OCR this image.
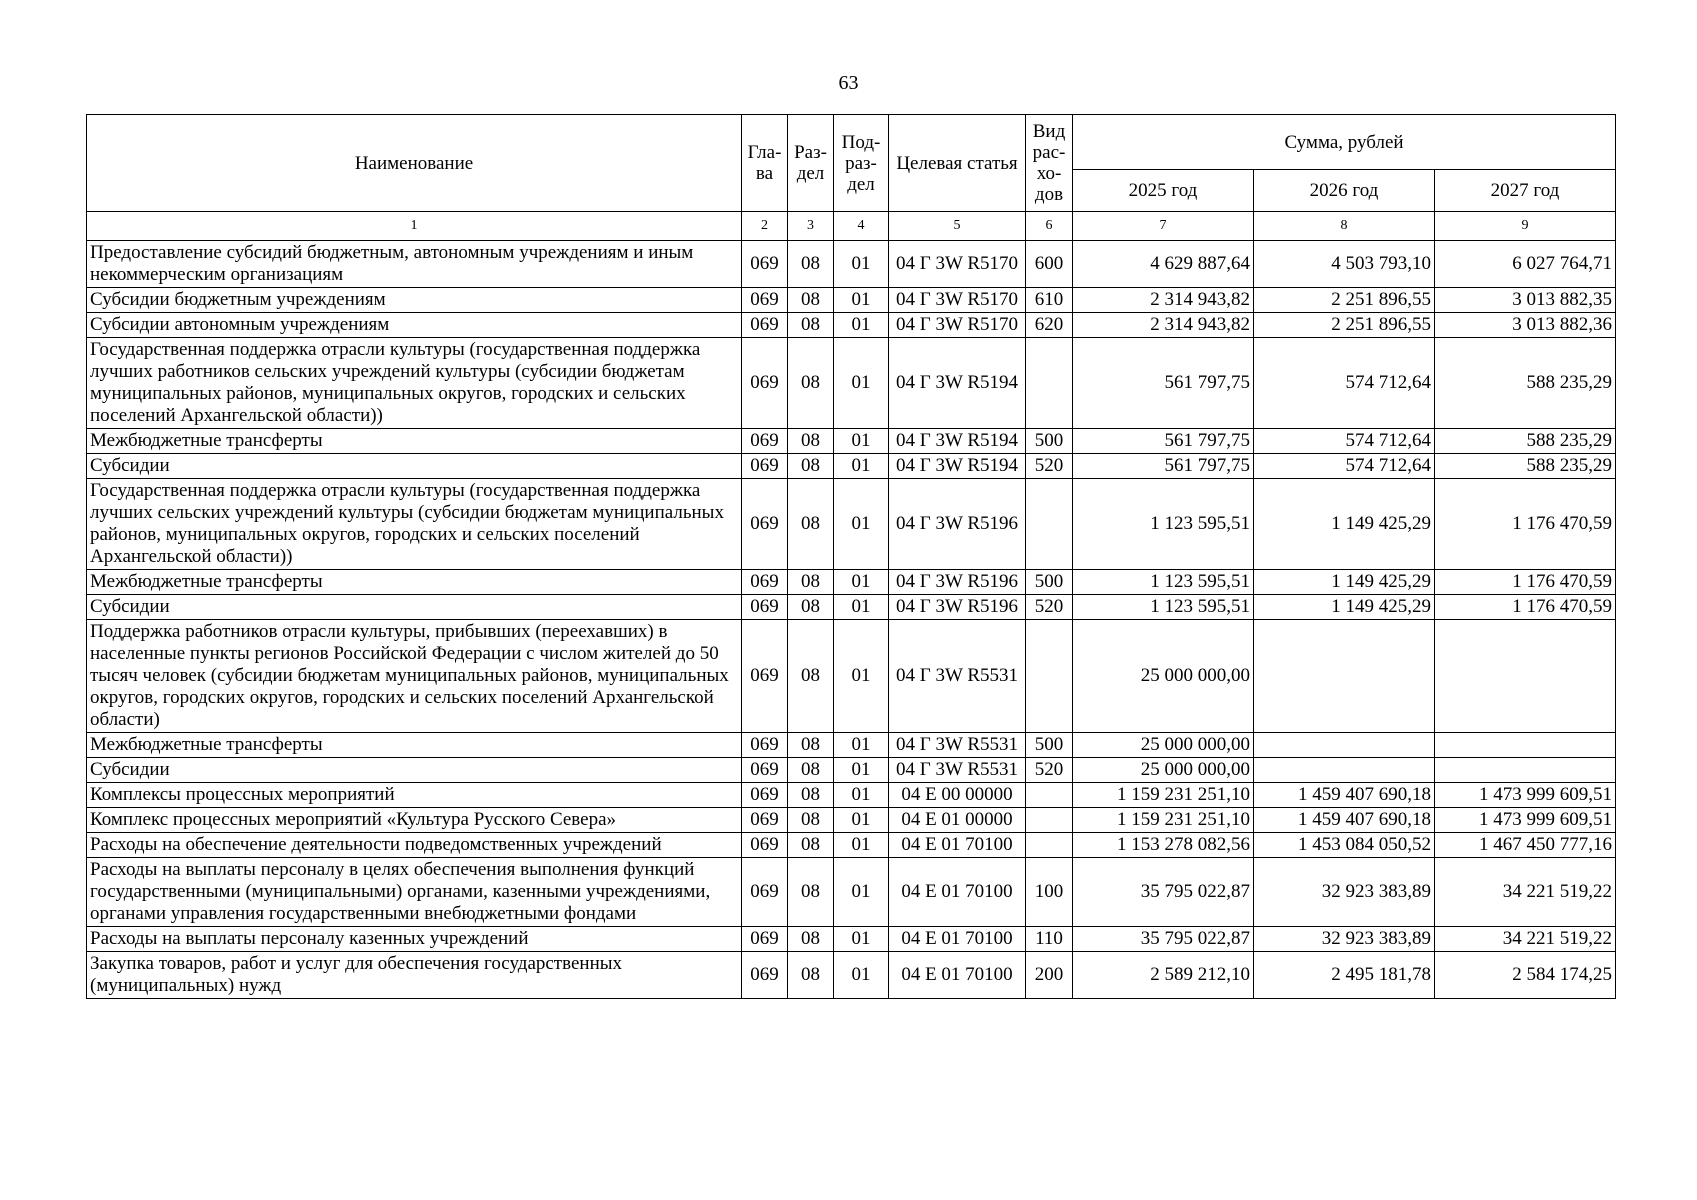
63
Наименование	Гла-ва	Раз-дел	Под-раз-дел	Целевая статья	Вид рас-хо-дов	Сумма, рублей		
						2025 год	2026 год	2027 год
1	2	3	4	5	6	7	8	9
Предоставление субсидий бюджетным, автономным учреждениям и иным некоммерческим организациям	069	08	01	04 Г 3W R5170	600	4 629 887,64	4 503 793,10	6 027 764,71
Субсидии бюджетным учреждениям	069	08	01	04 Г 3W R5170	610	2 314 943,82	2 251 896,55	3 013 882,35
Субсидии автономным учреждениям	069	08	01	04 Г 3W R5170	620	2 314 943,82	2 251 896,55	3 013 882,36
Государственная поддержка отрасли культуры (государственная поддержка лучших работников сельских учреждений культуры (субсидии бюджетам муниципальных районов, муниципальных округов, городских и сельских поселений Архангельской области))	069	08	01	04 Г 3W R5194		561 797,75	574 712,64	588 235,29
Межбюджетные трансферты	069	08	01	04 Г 3W R5194	500	561 797,75	574 712,64	588 235,29
Субсидии	069	08	01	04 Г 3W R5194	520	561 797,75	574 712,64	588 235,29
Государственная поддержка отрасли культуры (государственная поддержка лучших сельских учреждений культуры (субсидии бюджетам муниципальных районов, муниципальных округов, городских и сельских поселений Архангельской области))	069	08	01	04 Г 3W R5196		1 123 595,51	1 149 425,29	1 176 470,59
Межбюджетные трансферты	069	08	01	04 Г 3W R5196	500	1 123 595,51	1 149 425,29	1 176 470,59
Субсидии	069	08	01	04 Г 3W R5196	520	1 123 595,51	1 149 425,29	1 176 470,59
Поддержка работников отрасли культуры, прибывших (переехавших) в населенные пункты регионов Российской Федерации с числом жителей до 50 тысяч человек (субсидии бюджетам муниципальных районов, муниципальных округов, городских округов, городских и сельских поселений Архангельской области)	069	08	01	04 Г 3W R5531		25 000 000,00		
Межбюджетные трансферты	069	08	01	04 Г 3W R5531	500	25 000 000,00		
Субсидии	069	08	01	04 Г 3W R5531	520	25 000 000,00		
Комплексы процессных мероприятий	069	08	01	04 Е 00 00000		1 159 231 251,10	1 459 407 690,18	1 473 999 609,51
Комплекс процессных мероприятий «Культура Русского Севера»	069	08	01	04 Е 01 00000		1 159 231 251,10	1 459 407 690,18	1 473 999 609,51
Расходы на обеспечение деятельности подведомственных учреждений	069	08	01	04 Е 01 70100		1 153 278 082,56	1 453 084 050,52	1 467 450 777,16
Расходы на выплаты персоналу в целях обеспечения выполнения функций государственными (муниципальными) органами, казенными учреждениями, органами управления государственными внебюджетными фондами	069	08	01	04 Е 01 70100	100	35 795 022,87	32 923 383,89	34 221 519,22
Расходы на выплаты персоналу казенных учреждений	069	08	01	04 Е 01 70100	110	35 795 022,87	32 923 383,89	34 221 519,22
Закупка товаров, работ и услуг для обеспечения государственных (муниципальных) нужд	069	08	01	04 Е 01 70100	200	2 589 212,10	2 495 181,78	2 584 174,25
